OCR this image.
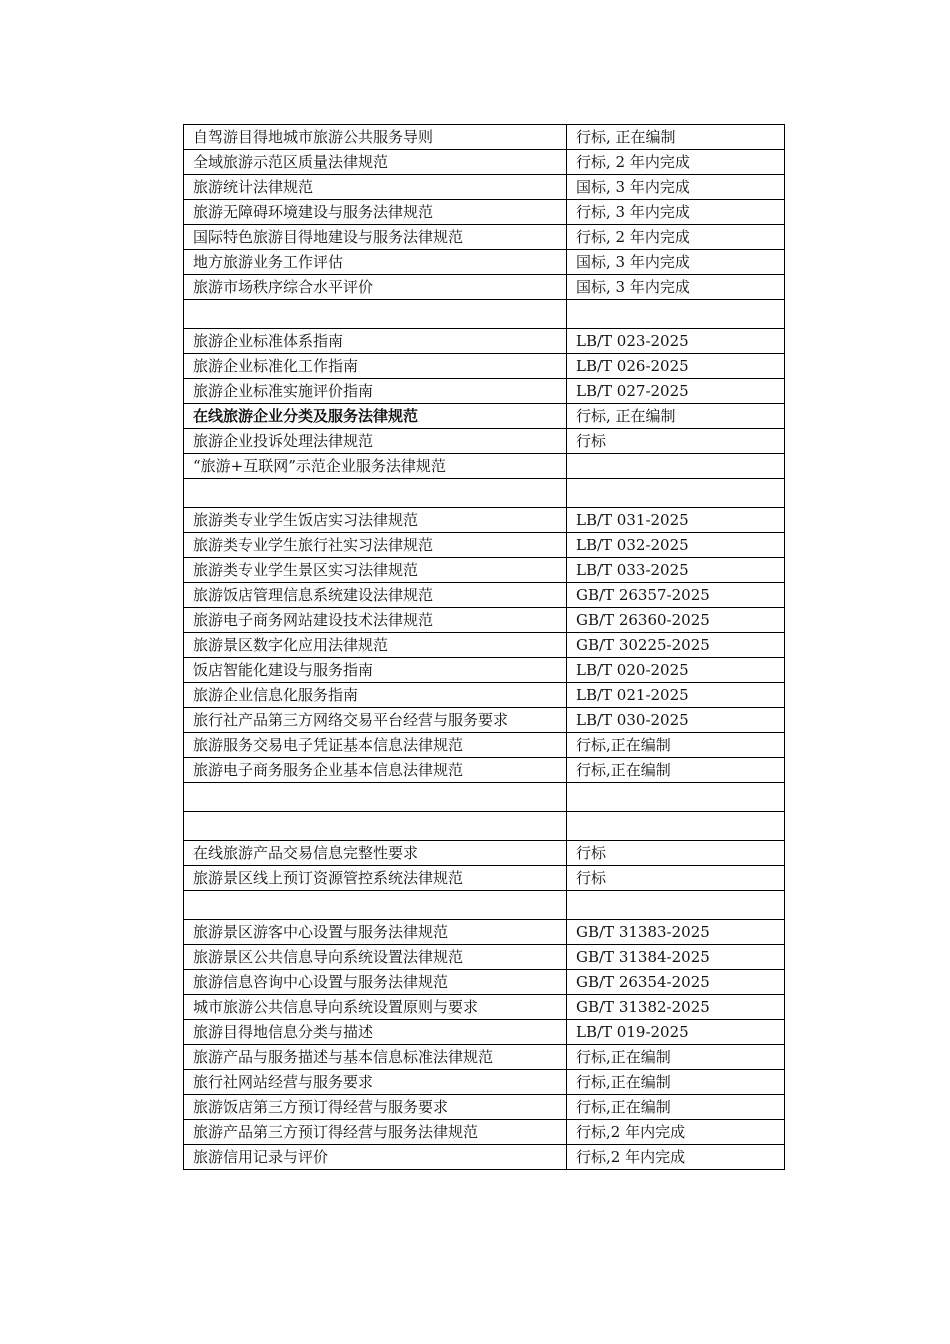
自驾游目得地城市旅游公共服务导则	行标, 正在编制
全域旅游示范区质量法律规范	行标, 2 年内完成
旅游统计法律规范	国标, 3 年内完成
旅游无障碍环境建设与服务法律规范	行标, 3 年内完成
国际特色旅游目得地建设与服务法律规范	行标, 2 年内完成
地方旅游业务工作评估	国标, 3 年内完成
旅游市场秩序综合水平评价	国标, 3 年内完成

旅游企业标准体系指南	LB/T 023-2025
旅游企业标准化工作指南	LB/T 026-2025
旅游企业标准实施评价指南	LB/T 027-2025
在线旅游企业分类及服务法律规范	行标, 正在编制
旅游企业投诉处理法律规范	行标
“旅游+互联网”示范企业服务法律规范	

旅游类专业学生饭店实习法律规范	LB/T 031-2025
旅游类专业学生旅行社实习法律规范	LB/T 032-2025
旅游类专业学生景区实习法律规范	LB/T 033-2025
旅游饭店管理信息系统建设法律规范	GB/T 26357-2025
旅游电子商务网站建设技术法律规范	GB/T 26360-2025
旅游景区数字化应用法律规范	GB/T 30225-2025
饭店智能化建设与服务指南	LB/T 020-2025
旅游企业信息化服务指南	LB/T 021-2025
旅行社产品第三方网络交易平台经营与服务要求	LB/T 030-2025
旅游服务交易电子凭证基本信息法律规范	行标,正在编制
旅游电子商务服务企业基本信息法律规范	行标,正在编制

在线旅游产品交易信息完整性要求	行标
旅游景区线上预订资源管控系统法律规范	行标

旅游景区游客中心设置与服务法律规范	GB/T 31383-2025
旅游景区公共信息导向系统设置法律规范	GB/T 31384-2025
旅游信息咨询中心设置与服务法律规范	GB/T 26354-2025
城市旅游公共信息导向系统设置原则与要求	GB/T 31382-2025
旅游目得地信息分类与描述	LB/T 019-2025
旅游产品与服务描述与基本信息标准法律规范	行标,正在编制
旅行社网站经营与服务要求	行标,正在编制
旅游饭店第三方预订得经营与服务要求	行标,正在编制
旅游产品第三方预订得经营与服务法律规范	行标,2 年内完成
旅游信用记录与评价	行标,2 年内完成
